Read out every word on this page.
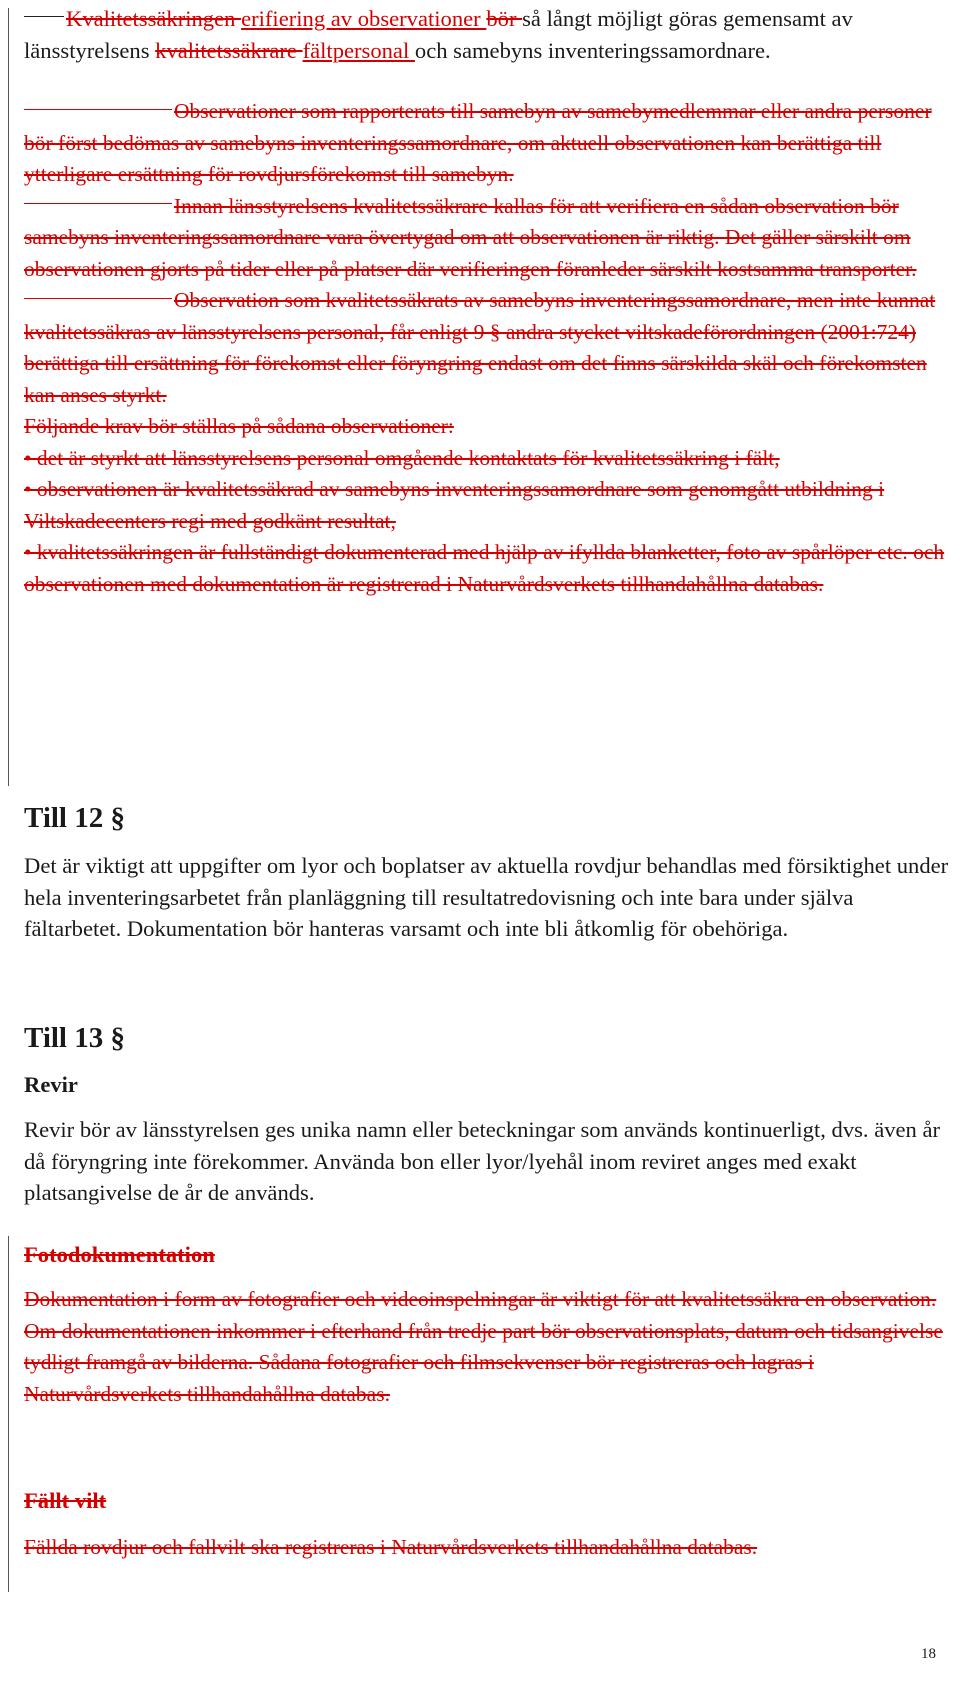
Kvalitetssäkringen erifiering av observationer bör så långt möjligt göras gemensamt av länsstyrelsens kvalitetssäkrare fältpersonal och samebyns inventeringssamordnare.

Observationer som rapporterats till samebyn av samebymedlemmar eller andra personer bör först bedömas av samebyns inventeringssamordnare, om aktuell observationen kan berättiga till ytterligare ersättning för rovdjursförekomst till samebyn.

Innan länsstyrelsens kvalitetssäkrare kallas för att verifiera en sådan observation bör samebyns inventeringssamordnare vara övertygad om att observationen är riktig. Det gäller särskilt om observationen gjorts på tider eller på platser där verifieringen föranleder särskilt kostsamma transporter.

Observation som kvalitetssäkrats av samebyns inventeringssamordnare, men inte kunnat kvalitetssäkras av länsstyrelsens personal, får enligt 9 § andra stycket viltskadeförordningen (2001:724) berättiga till ersättning för förekomst eller föryngring endast om det finns särskilda skäl och förekomsten kan anses styrkt.

Följande krav bör ställas på sådana observationer:

• det är styrkt att länsstyrelsens personal omgående kontaktats för kvalitetssäkring i fält,

• observationen är kvalitetssäkrad av samebyns inventeringssamordnare som genomgått utbildning i Viltskadecenters regi med godkänt resultat,

• kvalitetssäkringen är fullständigt dokumenterad med hjälp av ifyllda blanketter, foto av spårlöper etc. och observationen med dokumentation är registrerad i Naturvårdsverkets tillhandahållna databas.

Till 12 §

Det är viktigt att uppgifter om lyor och boplatser av aktuella rovdjur behandlas med försiktighet under hela inventeringsarbetet från planläggning till resultatredovisning och inte bara under själva fältarbetet. Dokumentation bör hanteras varsamt och inte bli åtkomlig för obehöriga.

Till 13 §
Revir

Revir bör av länsstyrelsen ges unika namn eller beteckningar som används kontinuerligt, dvs. även år då föryngring inte förekommer. Använda bon eller lyor/lyehål inom reviret anges med exakt platsangivelse de år de används.

Fotodokumentation

Dokumentation i form av fotografier och videoinspelningar är viktigt för att kvalitetssäkra en observation. Om dokumentationen inkommer i efterhand från tredje part bör observationsplats, datum och tidsangivelse tydligt framgå av bilderna. Sådana fotografier och filmsekvenser bör registreras och lagras i Naturvårdsverkets tillhandahållna databas.

Fällt vilt

Fällda rovdjur och fallvilt ska registreras i Naturvårdsverkets tillhandahållna databas.

18
